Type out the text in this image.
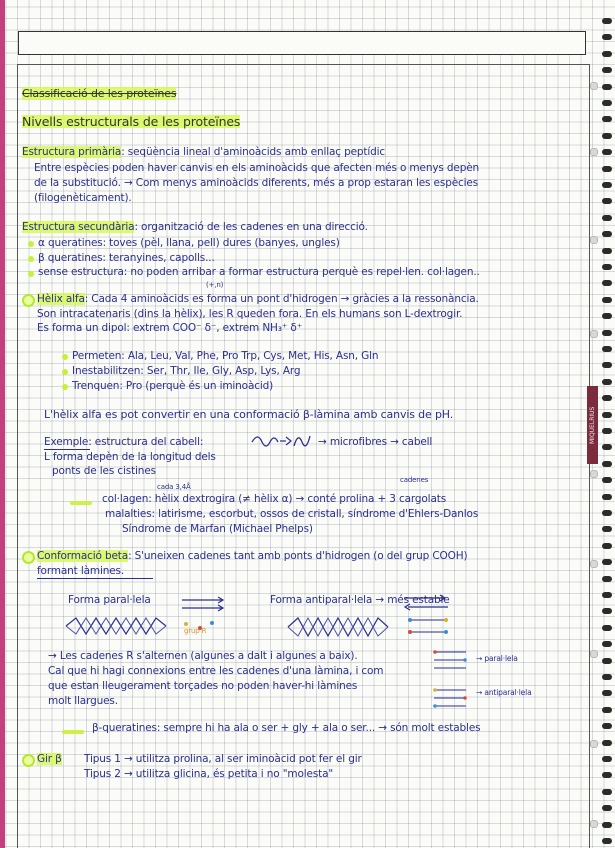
Classificació de les proteïnes
Nivells estructurals de les proteïnes
Estructura primària: seqüència lineal d'aminoàcids amb enllaç peptídic
Entre espècies poden haver canvis en els aminoàcids que afecten més o menys depèn
de la substitució. → Com menys aminoàcids diferents, més a prop estaran les espècies
(filogenèticament).
Estructura secundària: organització de les cadenes en una direcció.
α queratines: toves (pèl, llana, pell) dures (banyes, ungles)
β queratines: teranyines, capolls...
sense estructura: no poden arribar a formar estructura perquè es repel·len. col·lagen..
(+,n)
Hèlix alfa: Cada 4 aminoàcids es forma un pont d'hidrogen → gràcies a la ressonància.
Son intracatenaris (dins la hèlix), les R queden fora. En els humans son L-dextrogir.
Es forma un dipol: extrem COO⁻ δ⁻, extrem NH₃⁺ δ⁺
Permeten: Ala, Leu, Val, Phe, Pro Trp, Cys, Met, His, Asn, Gln
Inestabilitzen: Ser, Thr, Ile, Gly, Asp, Lys, Arg
Trenquen: Pro (perquè és un iminoàcid)
L'hèlix alfa es pot convertir en una conformació β-làmina amb canvis de pH.
Exemple: estructura del cabell:	→ microfibres → cabell
L forma depèn de la longitud dels
ponts de les cistines
cada 3,4Å
cadenes
col·lagen: hèlix dextrogira (≠ hèlix α) → conté prolina + 3 cargolats
malalties: latirisme, escorbut, ossos de cristall, síndrome d'Ehlers-Danlos
Síndrome de Marfan (Michael Phelps)
Conformació beta: S'uneixen cadenes tant amb ponts d'hidrogen (o del grup COOH)
formant làmines.
Forma paral·lela	Forma antiparal·lela → més estable
grup R
→ Les cadenes R s'alternen (algunes a dalt i algunes a baix).
Cal que hi hagi connexions entre les cadenes d'una làmina, i com
que estan lleugerament torçades no poden haver-hi làmines
molt llargues.
→ paral·lela
→ antiparal·lela
β-queratines: sempre hi ha ala o ser + gly + ala o ser... → són molt estables
Gir β Tipus 1 → utilitza prolina, al ser iminoàcid pot fer el gir
Tipus 2 → utilitza glicina, és petita i no "molesta"
MIQUELRIUS
